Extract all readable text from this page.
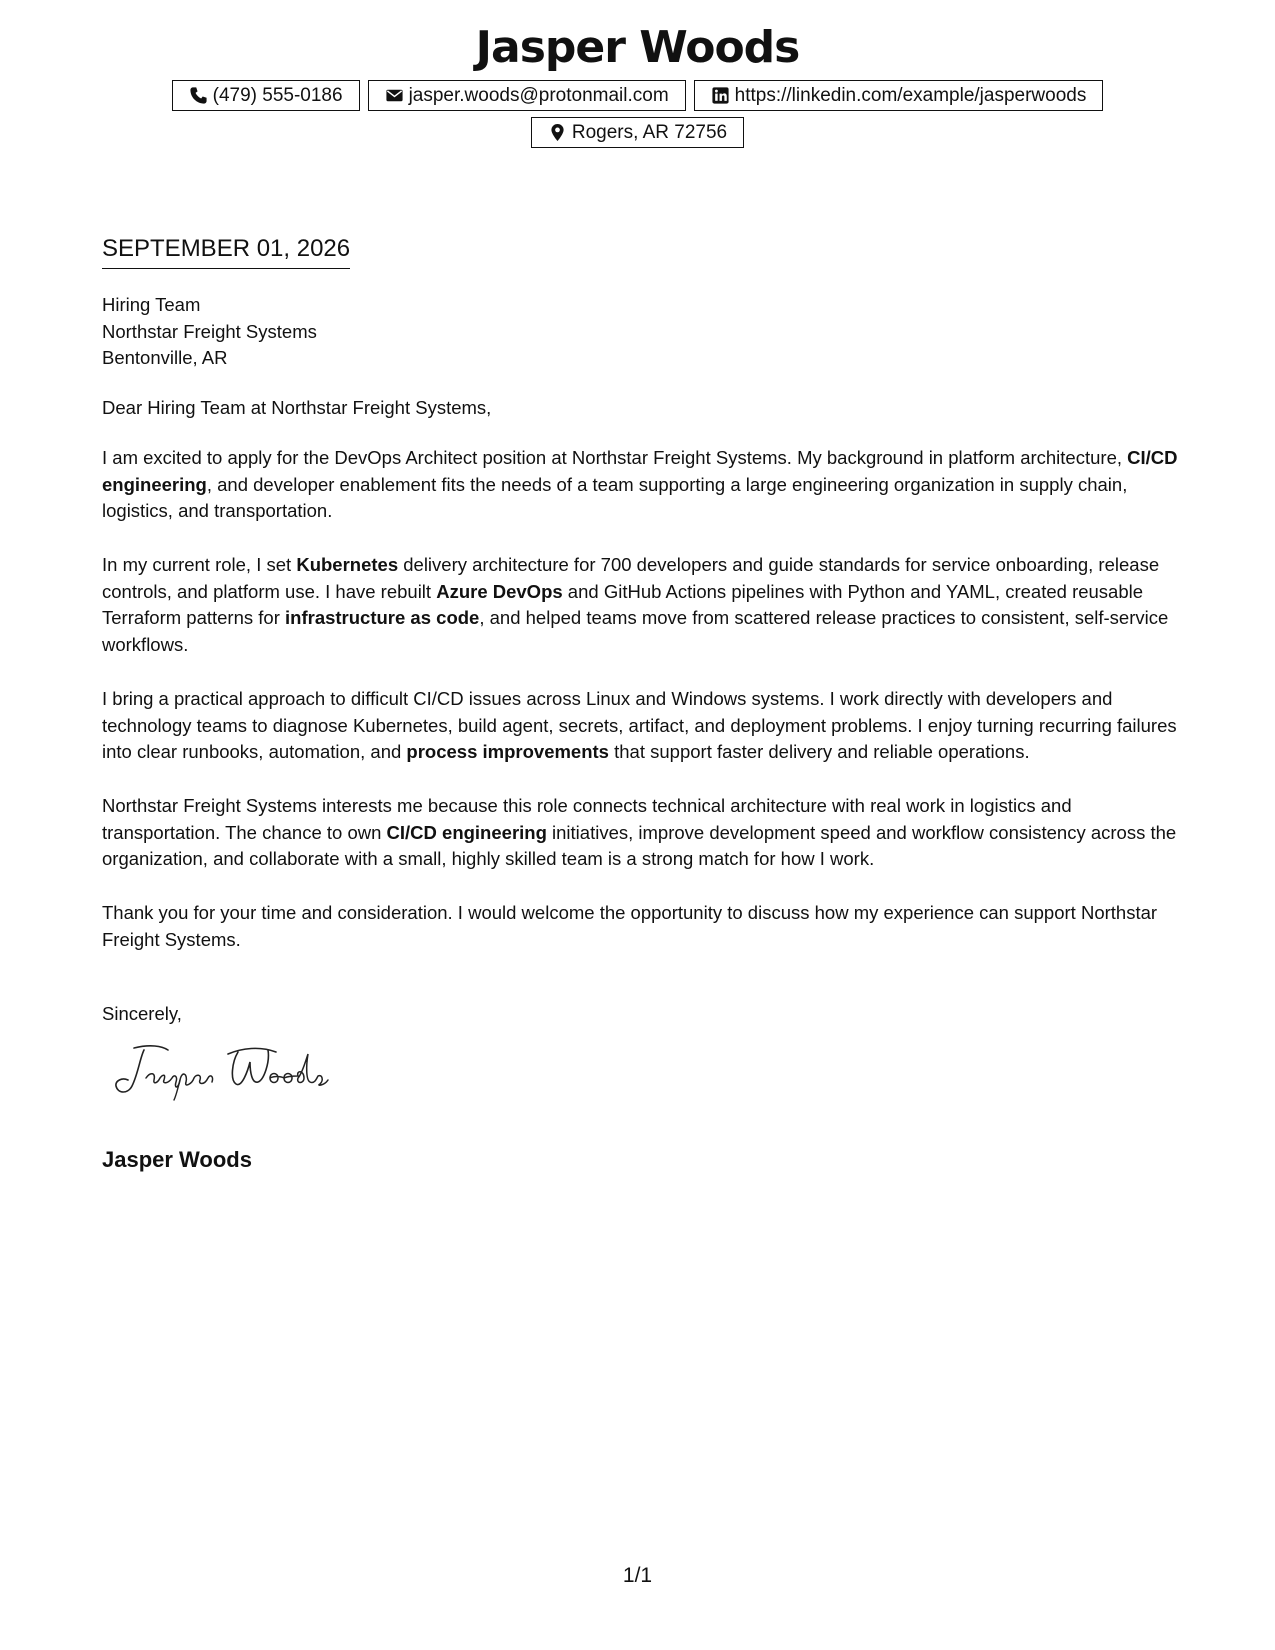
Jasper Woods
(479) 555-0186	jasper.woods@protonmail.com	https://linkedin.com/example/jasperwoods
Rogers, AR 72756
SEPTEMBER 01, 2026
Hiring Team
Northstar Freight Systems
Bentonville, AR
Dear Hiring Team at Northstar Freight Systems,
I am excited to apply for the DevOps Architect position at Northstar Freight Systems. My background in platform architecture, CI/CD engineering, and developer enablement fits the needs of a team supporting a large engineering organization in supply chain, logistics, and transportation.
In my current role, I set Kubernetes delivery architecture for 700 developers and guide standards for service onboarding, release controls, and platform use. I have rebuilt Azure DevOps and GitHub Actions pipelines with Python and YAML, created reusable Terraform patterns for infrastructure as code, and helped teams move from scattered release practices to consistent, self-service workflows.
I bring a practical approach to difficult CI/CD issues across Linux and Windows systems. I work directly with developers and technology teams to diagnose Kubernetes, build agent, secrets, artifact, and deployment problems. I enjoy turning recurring failures into clear runbooks, automation, and process improvements that support faster delivery and reliable operations.
Northstar Freight Systems interests me because this role connects technical architecture with real work in logistics and transportation. The chance to own CI/CD engineering initiatives, improve development speed and workflow consistency across the organization, and collaborate with a small, highly skilled team is a strong match for how I work.
Thank you for your time and consideration. I would welcome the opportunity to discuss how my experience can support Northstar Freight Systems.
Sincerely,
Jasper Woods
1/1
